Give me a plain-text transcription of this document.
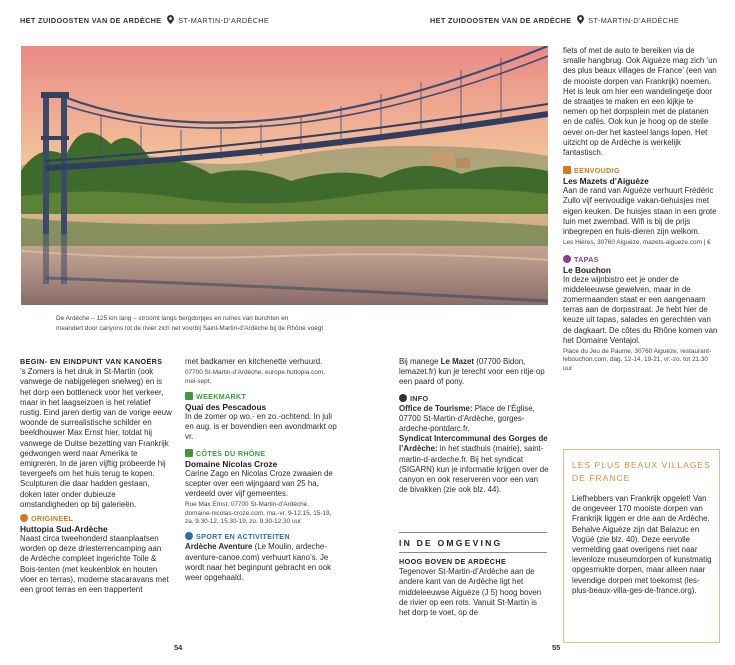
HET ZUIDOOSTEN VAN DE ARDÈCHE ST-MARTIN-D’ARDÈCHE	HET ZUIDOOSTEN VAN DE ARDÈCHE ST-MARTIN-D’ARDÈCHE
De Ardèche – 125 km lang – stroomt langs bergdorpjes en ruïnes van burchten en
meandert door canyons tot de rivier zich net voorbij Saint-Martin-d’Ardèche bij de Rhône voegt
BEGIN- EN EINDPUNT VAN KANOËRS

’s Zomers is het druk in St-Martin (ook vanwege de nabijgelegen snelweg) en is het dorp een bottleneck voor het verkeer, maar in het laagseizoen is het relatief rustig. Eind jaren dertig van de vorige eeuw woonde de surrealistische schilder en beeldhouwer Max Ernst hier, totdat hij vanwege de Duitse bezetting van Frankrijk gedwongen werd naar Amerika te emigreren. In de jaren vijftig probeerde hij tevergeefs om het huis terug te kopen. Sculpturen die daar hadden gestaan, doken later onder dubieuze omstandigheden op bij galerieën.

ORIGINEEL
Huttopia Sud-Ardèche

Naast circa tweehonderd staanplaatsen worden op deze driesterrencamping aan de Ardèche compleet ingerichte Toile & Bois-tenten (met keukenblok en houten vloer en terras), moderne stacaravans met een groot terras en een trappertent

met badkamer en kitchenette verhuurd.

07700 St-Martin-d’Ardèche, europe.huttopia.com, mei-sept.

WEEKMARKT
Quai des Pescadous

In de zomer op wo.- en zo.-ochtend. In juli en aug. is er bovendien een avondmarkt op vr.

CÔTES DU RHÔNE
Domaine Nicolas Croze

Carine Zago en Nicolas Croze zwaaien de scepter over een wijngaard van 25 ha, verdeeld over vijf gemeentes.

Rue Max Ernst, 07700 St-Martin-d’Ardèche, domaine-nicolas-croze.com, ma.-vr. 9-12.15, 15-19, za. 9.30-12, 15.30-19, zo. 9.30-12.30 uur

SPORT EN ACTIVITEITEN

Ardèche Aventure (Le Moulin, ardeche-aventure-canoe.com) verhuurt kano’s. Je wordt naar het beginpunt gebracht en ook weer opgehaald.

54

Bij manege Le Mazet (07700 Bidon, lemazet.fr) kun je terecht voor een ritje op een paard of pony.

INFO

Office de Tourisme: Place de l’Église, 07700 St-Martin-d’Ardèche, gorges-ardeche-pontdarc.fr.

Syndicat Intercommunal des Gorges de l’Ardèche: in het stadhuis (mairie), saint-martin-d-ardeche.fr. Bij het syndicat (SIGARN) kun je informatie krijgen over de canyon en ook reserveren voor een van de bivakken (zie ook blz. 44).

IN DE OMGEVING
HOOG BOVEN DE ARDÈCHE

Tegenover St-Martin-d’Ardèche aan de andere kant van de Ardèche ligt het middeleeuwse Aiguèze (J 5) hoog boven de rivier op een rots. Vanuit St-Martin is het dorp te voet, op de

55

fiets of met de auto te bereiken via de smalle hangbrug. Ook Aiguèze mag zich ‘un des plus beaux villages de France’ (een van de mooiste dorpen van Frankrijk) noemen. Het is leuk om hier een wandelingetje door de straatjes te maken en een kijkje te nemen op het dorpsplein met de platanen en de cafés. Ook kun je hoog op de steile oever on-der het kasteel langs lopen. Het uitzicht op de Ardèche is werkelijk fantastisch.

EENVOUDIG
Les Mazets d’Aiguèze

Aan de rand van Aiguèze verhuurt Frédéric Zullo vijf eenvoudige vakan-tiehuisjes met eigen keuken. De huisjes staan in een grote tuin met zwembad. Wifi is bij de prijs inbegrepen en huis-dieren zijn welkom.

Les Hières, 30760 Aiguèze, mazets-aigueze.com | €

TAPAS
Le Bouchon

In deze wijnbistro eet je onder de middeleeuwse gewelven, maar in de zomermaanden staat er een aangenaam terras aan de dorpsstraat. Je hebt hier de keuze uit tapas, salades en gerechten van de dagkaart. De côtes du Rhône komen van het Domaine Ventajol.

Place du Jeu de Paume, 30760 Aiguèze, restaurant-lebouchon.com, dag. 12-14, 19-21, vr.-zo. tot 21.30 uur

LES PLUS BEAUX VILLAGES DE FRANCE
Liefhebbers van Frankrijk opgelet! Van de ongeveer 170 mooiste dorpen van Frankrijk liggen er drie aan de Ardèche. Behalve Aiguèze zijn dat Balazuc en Vogüé (zie blz. 40). Deze eervolle vermelding gaat overigens niet naar levenloze museumdorpen of kunstmatig opgesmukte dorpen, maar alleen naar levendige dorpen met toekomst (les-plus-beaux-villa-ges-de-france.org).
